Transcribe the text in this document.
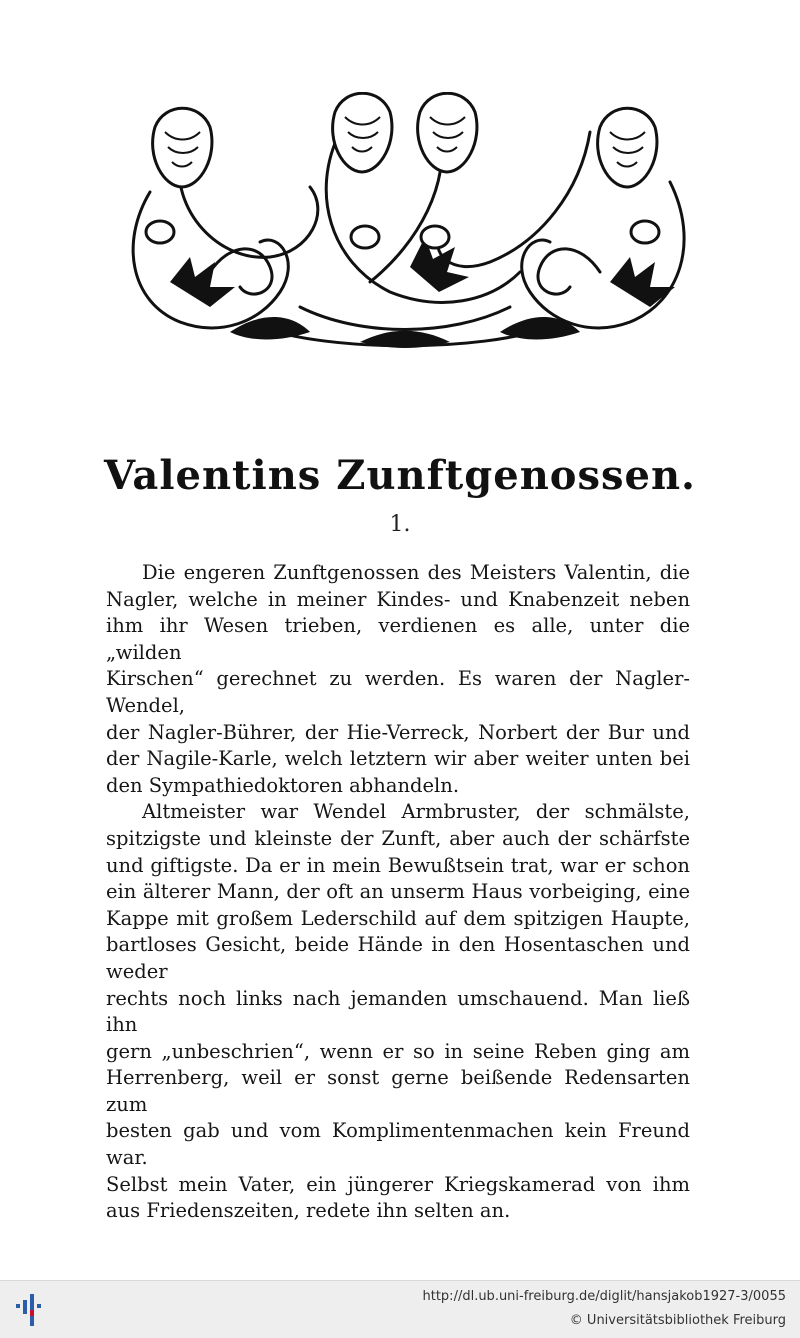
Valentins Zunftgenossen.
1.
Die engeren Zunftgenossen des Meisters Valentin, die
Nagler, welche in meiner Kindes- und Knabenzeit neben
ihm ihr Wesen trieben, verdienen es alle, unter die „wilden
Kirschen“ gerechnet zu werden. Es waren der Nagler-Wendel,
der Nagler-Bührer, der Hie-Verreck, Norbert der Bur und
der Nagile-Karle, welch letztern wir aber weiter unten bei
den Sympathiedoktoren abhandeln.
Altmeister war Wendel Armbruster, der schmälste,
spitzigste und kleinste der Zunft, aber auch der schärfste
und giftigste. Da er in mein Bewußtsein trat, war er schon
ein älterer Mann, der oft an unserm Haus vorbeiging, eine
Kappe mit großem Lederschild auf dem spitzigen Haupte,
bartloses Gesicht, beide Hände in den Hosentaschen und weder
rechts noch links nach jemanden umschauend. Man ließ ihn
gern „unbeschrien“, wenn er so in seine Reben ging am
Herrenberg, weil er sonst gerne beißende Redensarten zum
besten gab und vom Komplimentenmachen kein Freund war.
Selbst mein Vater, ein jüngerer Kriegskamerad von ihm
aus Friedenszeiten, redete ihn selten an.
http://dl.ub.uni-freiburg.de/diglit/hansjakob1927-3/0055
© Universitätsbibliothek Freiburg
